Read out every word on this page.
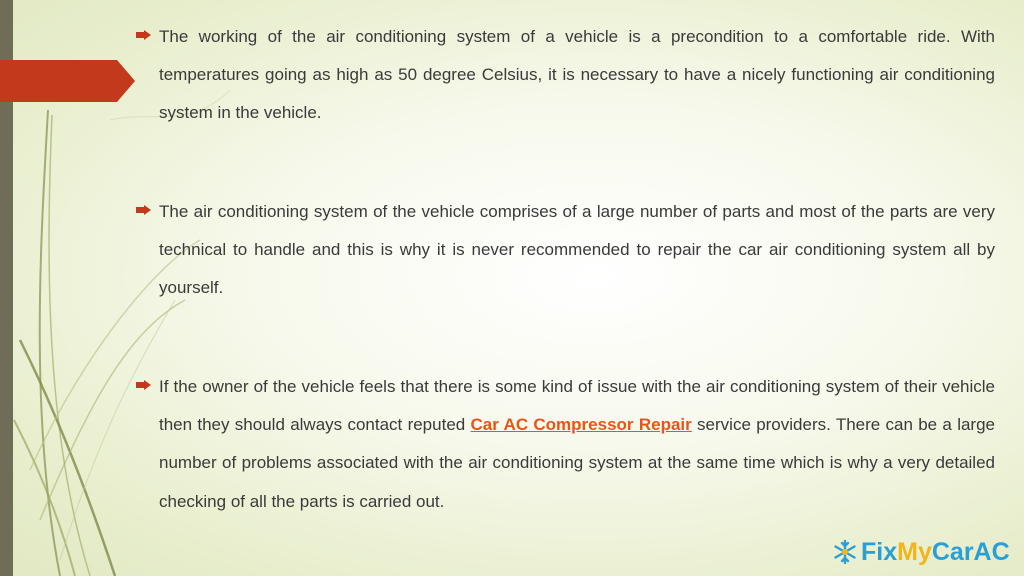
The working of the air conditioning system of a vehicle is a precondition to a comfortable ride. With temperatures going as high as 50 degree Celsius, it is necessary to have a nicely functioning air conditioning system in the vehicle.

The air conditioning system of the vehicle comprises of a large number of parts and most of the parts are very technical to handle and this is why it is never recommended to repair the car air conditioning system all by yourself.

If the owner of the vehicle feels that there is some kind of issue with the air conditioning system of their vehicle then they should always contact reputed Car AC Compressor Repair service providers. There can be a large number of problems associated with the air conditioning system at the same time which is why a very detailed checking of all the parts is carried out.

FixMyCarAC
